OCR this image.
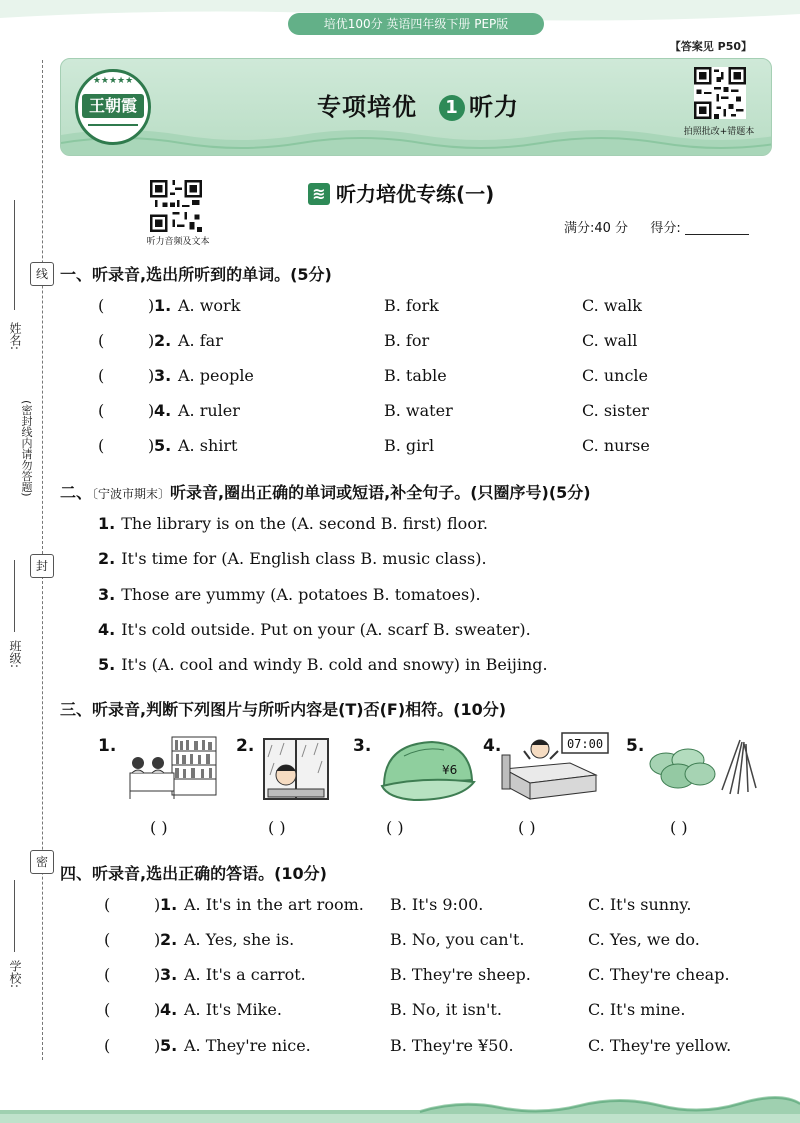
培优100分 英语四年级下册 PEP版
【答案见 P50】
★★★★★
王朝霞	专项培优 1 听力
拍照批改+错题本
线
封
密
姓名:
(密封线内请勿答题)
班级:
学校:
听力音频及文本
≋ 听力培优专练(一)
满分:40 分 得分:
一、听录音,选出所听到的单词。(5分)
(	) 1. A. work	B. fork	C. walk
(	) 2. A. far	B. for	C. wall
(	) 3. A. people	B. table	C. uncle
(	) 4. A. ruler	B. water	C. sister
(	) 5. A. shirt	B. girl	C. nurse
二、〔宁波市期末〕听录音,圈出正确的单词或短语,补全句子。(只圈序号)(5分)
1. The library is on the (A. second B. first) floor.
2. It's time for (A. English class B. music class).
3. Those are yummy (A. potatoes B. tomatoes).
4. It's cold outside. Put on your (A. scarf B. sweater).
5. It's (A. cool and windy B. cold and snowy) in Beijing.
三、听录音,判断下列图片与所听内容是(T)否(F)相符。(10分)
1.	2.	3.
¥6
4.	07:00 5.
( )	( )	( )	( )	( )
四、听录音,选出正确的答语。(10分)
(	) 1. A. It's in the art room. B. It's 9:00.	C. It's sunny.
(	) 2. A. Yes, she is.	B. No, you can't.	C. Yes, we do.
(	) 3. A. It's a carrot.	B. They're sheep.	C. They're cheap.
(	) 4. A. It's Mike.	B. No, it isn't.	C. It's mine.
(	) 5. A. They're nice.	B. They're ¥50.	C. They're yellow.
